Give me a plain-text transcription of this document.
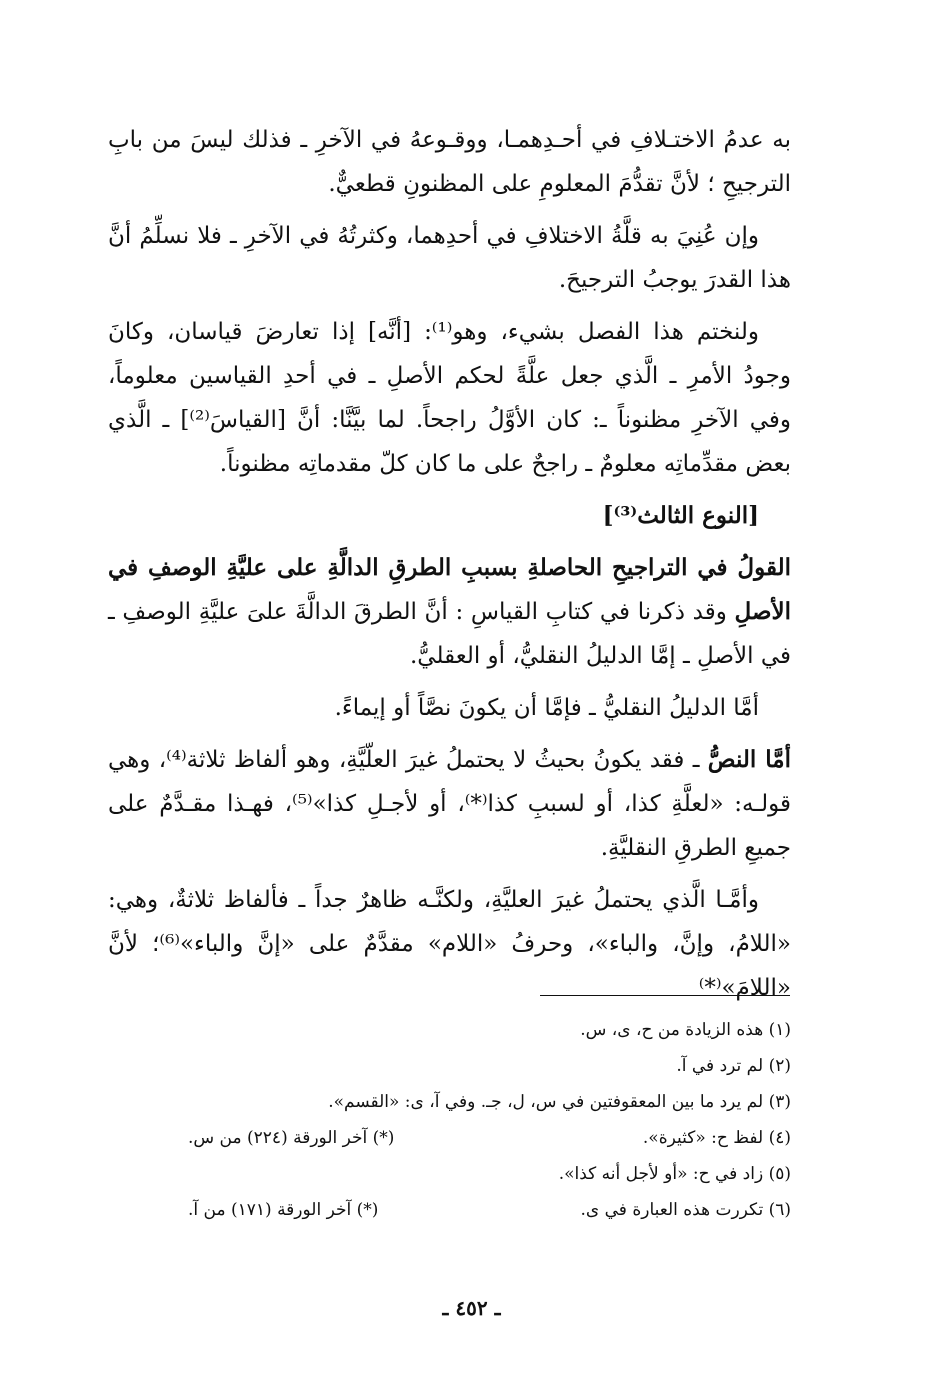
به عدمُ الاختـلافِ في أحـدِهمـا، ووقـوعهُ في الآخرِ ـ فذلك ليسَ من بابِ الترجيحِ ؛ لأنَّ تقدُّمَ المعلومِ على المظنونِ قطعيٌّ.

وإن عُنِيَ به قلَّةُ الاختلافِ في أحدِهما، وكثرتُهُ في الآخرِ ـ فلا نسلِّمُ أنَّ هذا القدرَ يوجبُ الترجيحَ.

ولنختم هذا الفصل بشيء، وهو⁽¹⁾: [أنَّه] إذا تعارضَ قياسان، وكانَ وجودُ الأمرِ ـ الَّذي جعل علَّةً لحكم الأصلِ ـ في أحدِ القياسين معلوماً، وفي الآخرِ مظنوناً ـ: كان الأوَّلُ راجحاً. لما بيَّنَّا: أنَّ [القياسَ⁽²⁾] ـ الَّذي بعض مقدِّماتِه معلومٌ ـ راجحٌ على ما كان كلّ مقدماتِه مظنوناً.

[النوع الثالث⁽³⁾]

القولُ في التراجيحِ الحاصلةِ بسببِ الطرقِ الدالَّةِ على عليَّةِ الوصفِ في الأصلِ وقد ذكرنا في كتابِ القياسِ : أنَّ الطرقَ الدالَّةَ علىَ عليَّةِ الوصفِ ـ في الأصلِ ـ إمَّا الدليلُ النقليُّ، أو العقليُّ.

أمَّا الدليلُ النقليُّ ـ فإمَّا أن يكونَ نصَّاً أو إيماءً.

أمَّا النصُّ ـ فقد يكونُ بحيثُ لا يحتملُ غيرَ العلّيَّةِ، وهو ألفاظ ثلاثة⁽⁴⁾، وهي قولـه: «لعلَّةِ كذا، أو لسببِ كذا⁽*⁾، أو لأجـلِ كذا»⁽⁵⁾، فهـذا مقـدَّمٌ على جميعِ الطرقِ النقليَّةِ.

وأمَّـا الَّذي يحتملُ غيرَ العليَّةِ، ولكنَّـه ظاهرٌ جداً ـ فألفاظ ثلاثةٌ، وهي: «اللامُ، وإنَّ، والباء»، وحرفُ «اللام» مقدَّمٌ على «إنَّ والباء»⁽⁶⁾؛ لأنَّ «اللامَ»⁽*⁾

(١) هذه الزيادة من ح، ى، س.
(٢) لم ترد في آ.
(٣) لم يرد ما بين المعقوفتين في س، ل، جـ. وفي آ، ى: «القسم».
(٤) لفظ ح: «كثيرة».
(*) آخر الورقة (٢٢٤) من س.
(٥) زاد في ح: «أو لأجل أنه كذا».
(٦) تكررت هذه العبارة في ى.
(*) آخر الورقة (١٧١) من آ.
ـ ٤٥٢ ـ
